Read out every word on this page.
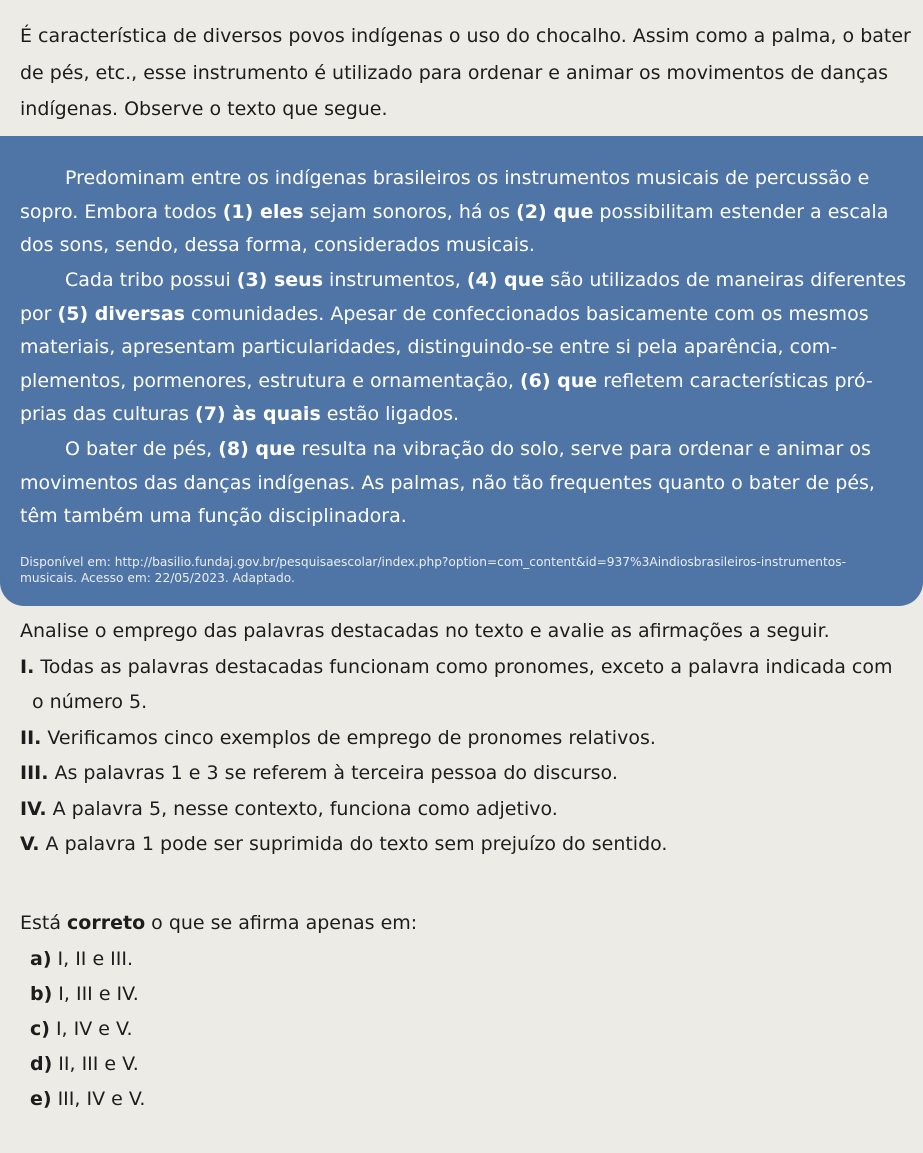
É característica de diversos povos indígenas o uso do chocalho. Assim como a palma, o bater

de pés, etc., esse instrumento é utilizado para ordenar e animar os movimentos de danças

indígenas. Observe o texto que segue.

Predominam entre os indígenas brasileiros os instrumentos musicais de percussão e

sopro. Embora todos (1) eles sejam sonoros, há os (2) que possibilitam estender a escala

dos sons, sendo, dessa forma, considerados musicais.

Cada tribo possui (3) seus instrumentos, (4) que são utilizados de maneiras diferentes

por (5) diversas comunidades. Apesar de confeccionados basicamente com os mesmos

materiais, apresentam particularidades, distinguindo-se entre si pela aparência, com-

plementos, pormenores, estrutura e ornamentação, (6) que refletem características pró-

prias das culturas (7) às quais estão ligados.

O bater de pés, (8) que resulta na vibração do solo, serve para ordenar e animar os

movimentos das danças indígenas. As palmas, não tão frequentes quanto o bater de pés,

têm também uma função disciplinadora.

Disponível em: http://basilio.fundaj.gov.br/pesquisaescolar/index.php?option=com_content&id=937%3Aindiosbrasileiros-instrumentos-

musicais. Acesso em: 22/05/2023. Adaptado.

Analise o emprego das palavras destacadas no texto e avalie as afirmações a seguir.

I. Todas as palavras destacadas funcionam como pronomes, exceto a palavra indicada com

o número 5.

II. Verificamos cinco exemplos de emprego de pronomes relativos.

III. As palavras 1 e 3 se referem à terceira pessoa do discurso.

IV. A palavra 5, nesse contexto, funciona como adjetivo.

V. A palavra 1 pode ser suprimida do texto sem prejuízo do sentido.

Está correto o que se afirma apenas em:
a) I, II e III.
b) I, III e IV.
c) I, IV e V.
d) II, III e V.
e) III, IV e V.
